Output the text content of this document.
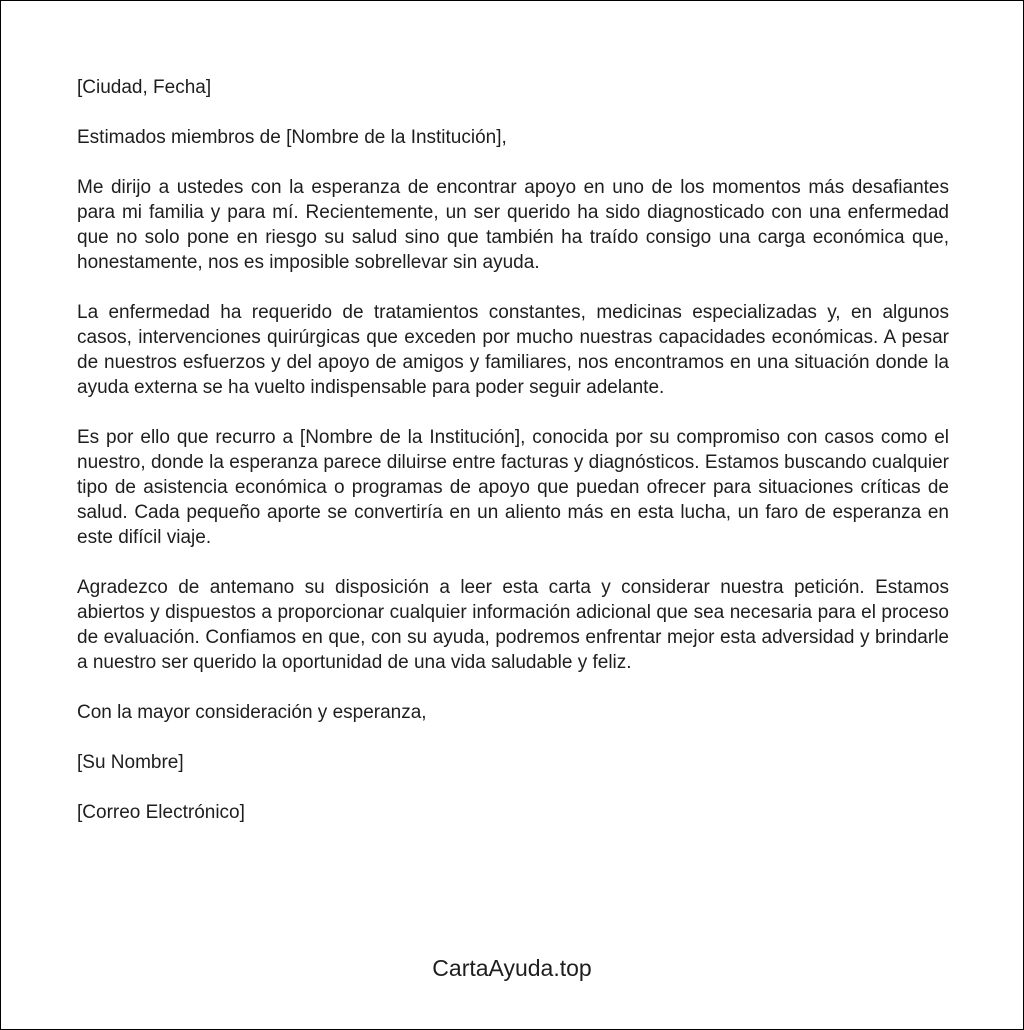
[Ciudad, Fecha]

Estimados miembros de [Nombre de la Institución],

Me dirijo a ustedes con la esperanza de encontrar apoyo en uno de los momentos más desafiantes para mi familia y para mí. Recientemente, un ser querido ha sido diagnosticado con una enfermedad que no solo pone en riesgo su salud sino que también ha traído consigo una carga económica que, honestamente, nos es imposible sobrellevar sin ayuda.

La enfermedad ha requerido de tratamientos constantes, medicinas especializadas y, en algunos casos, intervenciones quirúrgicas que exceden por mucho nuestras capacidades económicas. A pesar de nuestros esfuerzos y del apoyo de amigos y familiares, nos encontramos en una situación donde la ayuda externa se ha vuelto indispensable para poder seguir adelante.

Es por ello que recurro a [Nombre de la Institución], conocida por su compromiso con casos como el nuestro, donde la esperanza parece diluirse entre facturas y diagnósticos. Estamos buscando cualquier tipo de asistencia económica o programas de apoyo que puedan ofrecer para situaciones críticas de salud. Cada pequeño aporte se convertiría en un aliento más en esta lucha, un faro de esperanza en este difícil viaje.

Agradezco de antemano su disposición a leer esta carta y considerar nuestra petición. Estamos abiertos y dispuestos a proporcionar cualquier información adicional que sea necesaria para el proceso de evaluación. Confiamos en que, con su ayuda, podremos enfrentar mejor esta adversidad y brindarle a nuestro ser querido la oportunidad de una vida saludable y feliz.

Con la mayor consideración y esperanza,

[Su Nombre]

[Correo Electrónico]

CartaAyuda.top
